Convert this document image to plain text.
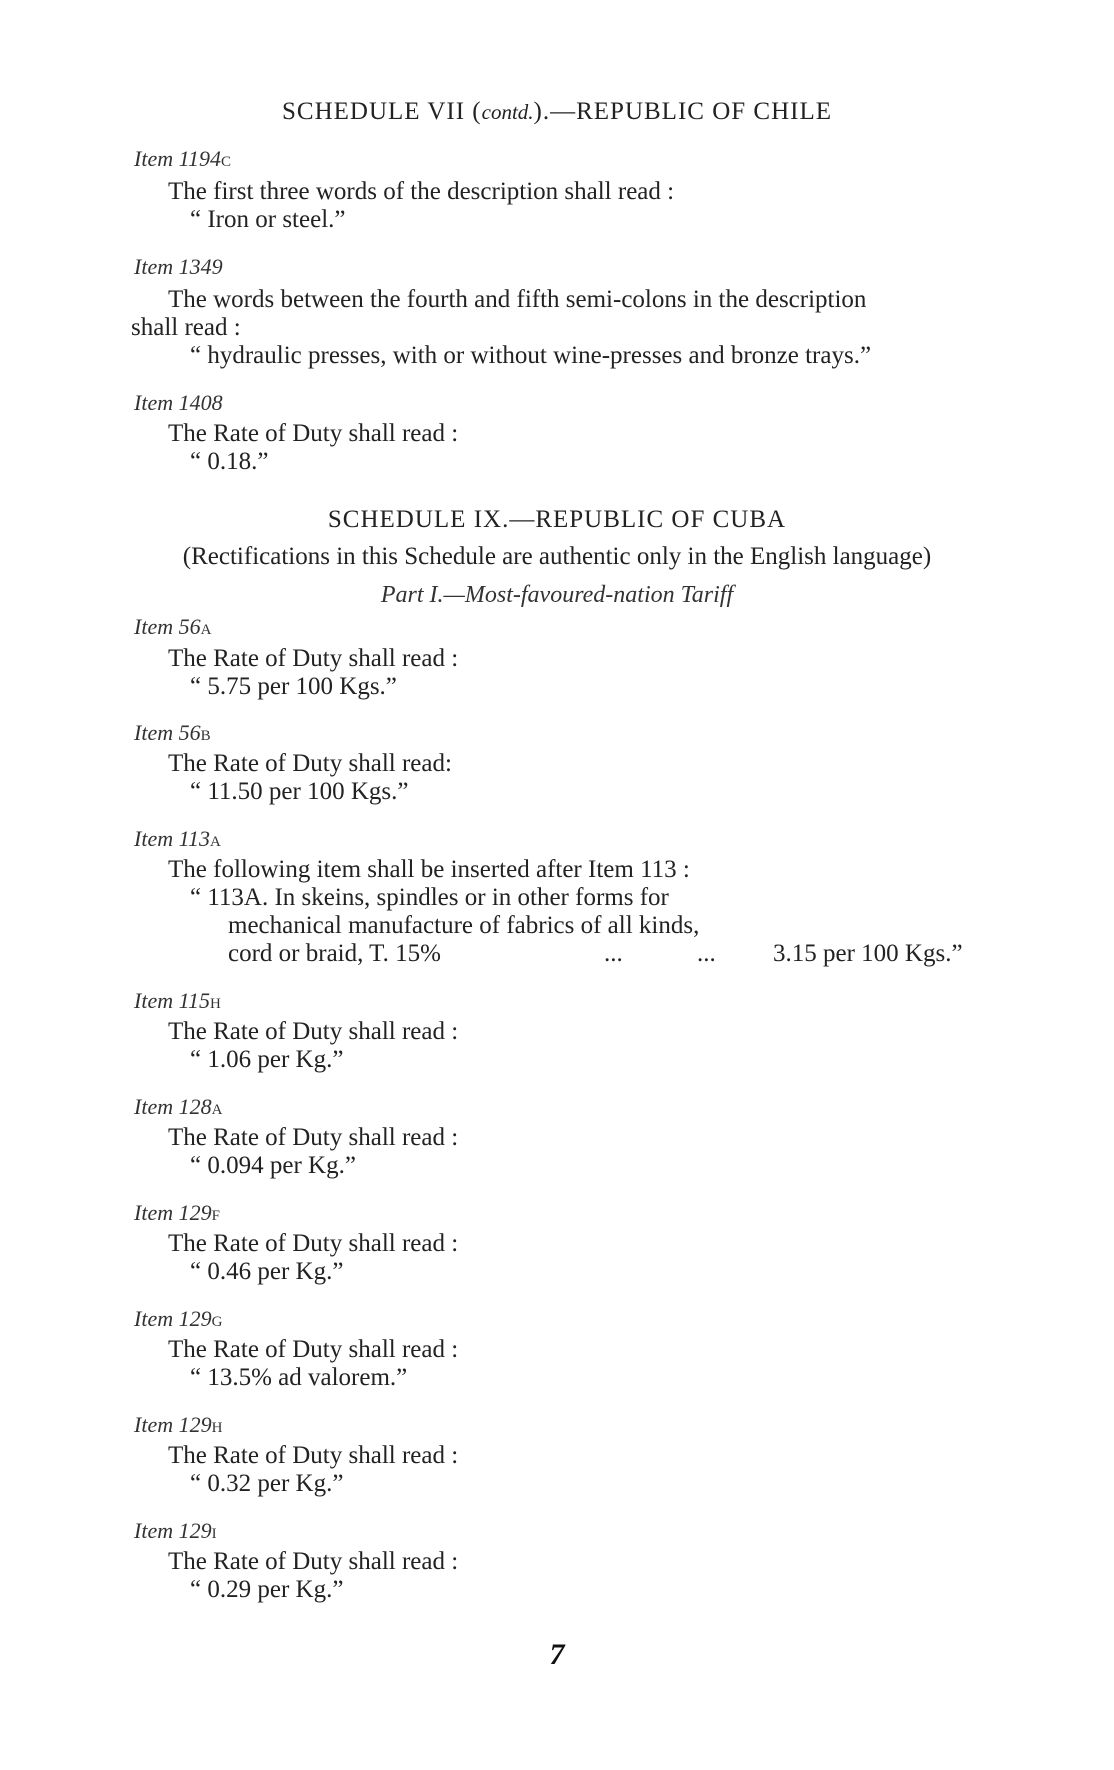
SCHEDULE VII (contd.).—REPUBLIC OF CHILE
Item 1194C
The first three words of the description shall read :
“ Iron or steel.”
Item 1349
The words between the fourth and fifth semi-colons in the description
shall read :
“ hydraulic presses, with or without wine-presses and bronze trays.”
Item 1408
The Rate of Duty shall read :
“ 0.18.”
SCHEDULE IX.—REPUBLIC OF CUBA
(Rectifications in this Schedule are authentic only in the English language)
Part I.—Most-favoured-nation Tariff
Item 56A
The Rate of Duty shall read :
“ 5.75 per 100 Kgs.”
Item 56B
The Rate of Duty shall read:
“ 11.50 per 100 Kgs.”
Item 113A
The following item shall be inserted after Item 113 :
“ 113A. In skeins, spindles or in other forms for
mechanical manufacture of fabrics of all kinds,
cord or braid, T. 15%	...	... 3.15 per 100 Kgs.”
Item 115H
The Rate of Duty shall read :
“ 1.06 per Kg.”
Item 128A
The Rate of Duty shall read :
“ 0.094 per Kg.”
Item 129F
The Rate of Duty shall read :
“ 0.46 per Kg.”
Item 129G
The Rate of Duty shall read :
“ 13.5% ad valorem.”
Item 129H
The Rate of Duty shall read :
“ 0.32 per Kg.”
Item 129I
The Rate of Duty shall read :
“ 0.29 per Kg.”
7
